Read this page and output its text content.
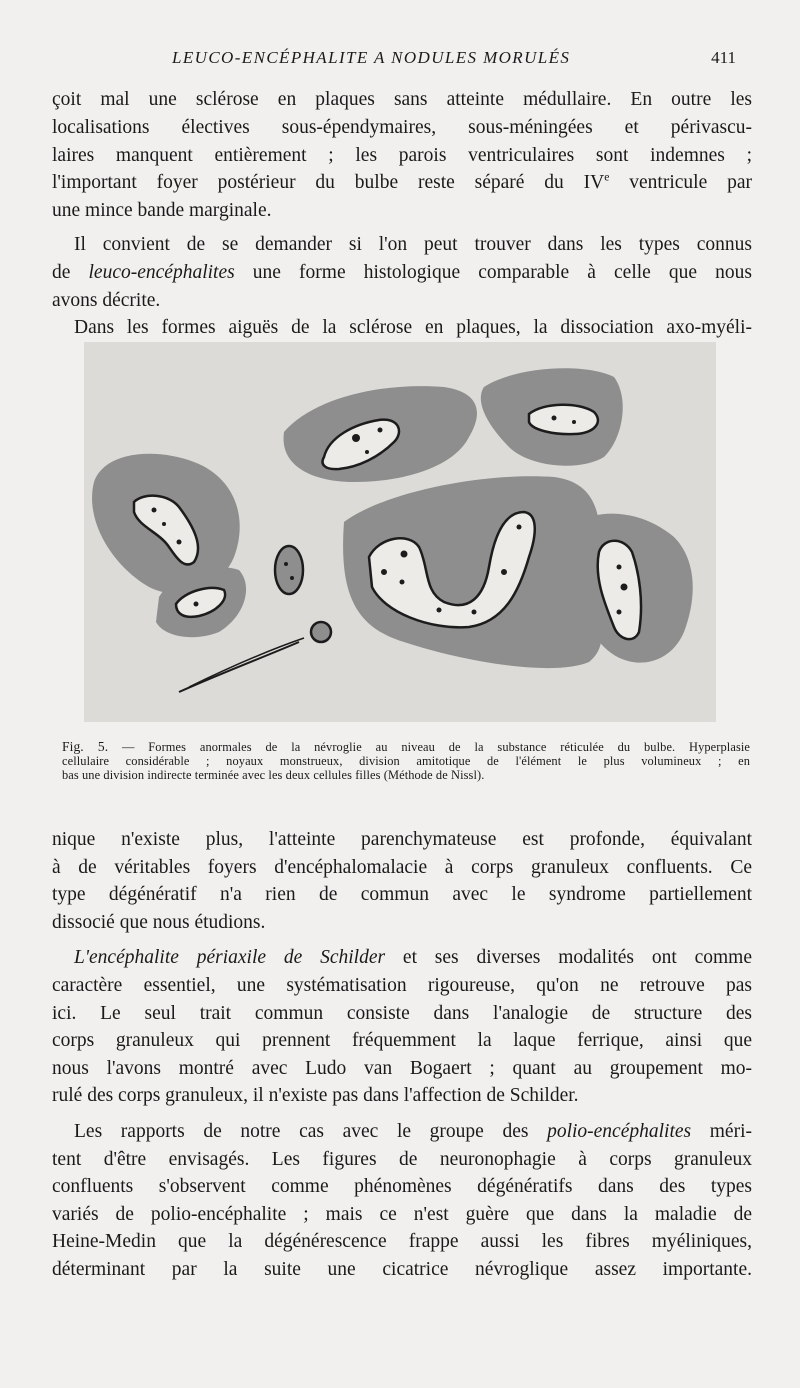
LEUCO-ENCÉPHALITE A NODULES MORULÉS	411
çoit mal une sclérose en plaques sans atteinte médullaire. En outre les
localisations électives sous-épendymaires, sous-méningées et périvascu-
laires manquent entièrement ; les parois ventriculaires sont indemnes ;
l'important foyer postérieur du bulbe reste séparé du IVe ventricule par
une mince bande marginale.
Il convient de se demander si l'on peut trouver dans les types connus
de leuco-encéphalites une forme histologique comparable à celle que nous
avons décrite.
Dans les formes aiguës de la sclérose en plaques, la dissociation axo-myéli-
Fig. 5. — Formes anormales de la névroglie au niveau de la substance réticulée du bulbe. Hyperplasie
cellulaire considérable ; noyaux monstrueux, division amitotique de l'élément le plus volumineux ; en
bas une division indirecte terminée avec les deux cellules filles (Méthode de Nissl).
nique n'existe plus, l'atteinte parenchymateuse est profonde, équivalant
à de véritables foyers d'encéphalomalacie à corps granuleux confluents. Ce
type dégénératif n'a rien de commun avec le syndrome partiellement
dissocié que nous étudions.
L'encéphalite périaxile de Schilder et ses diverses modalités ont comme
caractère essentiel, une systématisation rigoureuse, qu'on ne retrouve pas
ici. Le seul trait commun consiste dans l'analogie de structure des
corps granuleux qui prennent fréquemment la laque ferrique, ainsi que
nous l'avons montré avec Ludo van Bogaert ; quant au groupement mo-
rulé des corps granuleux, il n'existe pas dans l'affection de Schilder.
Les rapports de notre cas avec le groupe des polio-encéphalites méri-
tent d'être envisagés. Les figures de neuronophagie à corps granuleux
confluents s'observent comme phénomènes dégénératifs dans des types
variés de polio-encéphalite ; mais ce n'est guère que dans la maladie de
Heine-Medin que la dégénérescence frappe aussi les fibres myéliniques,
déterminant par la suite une cicatrice névroglique assez importante.
